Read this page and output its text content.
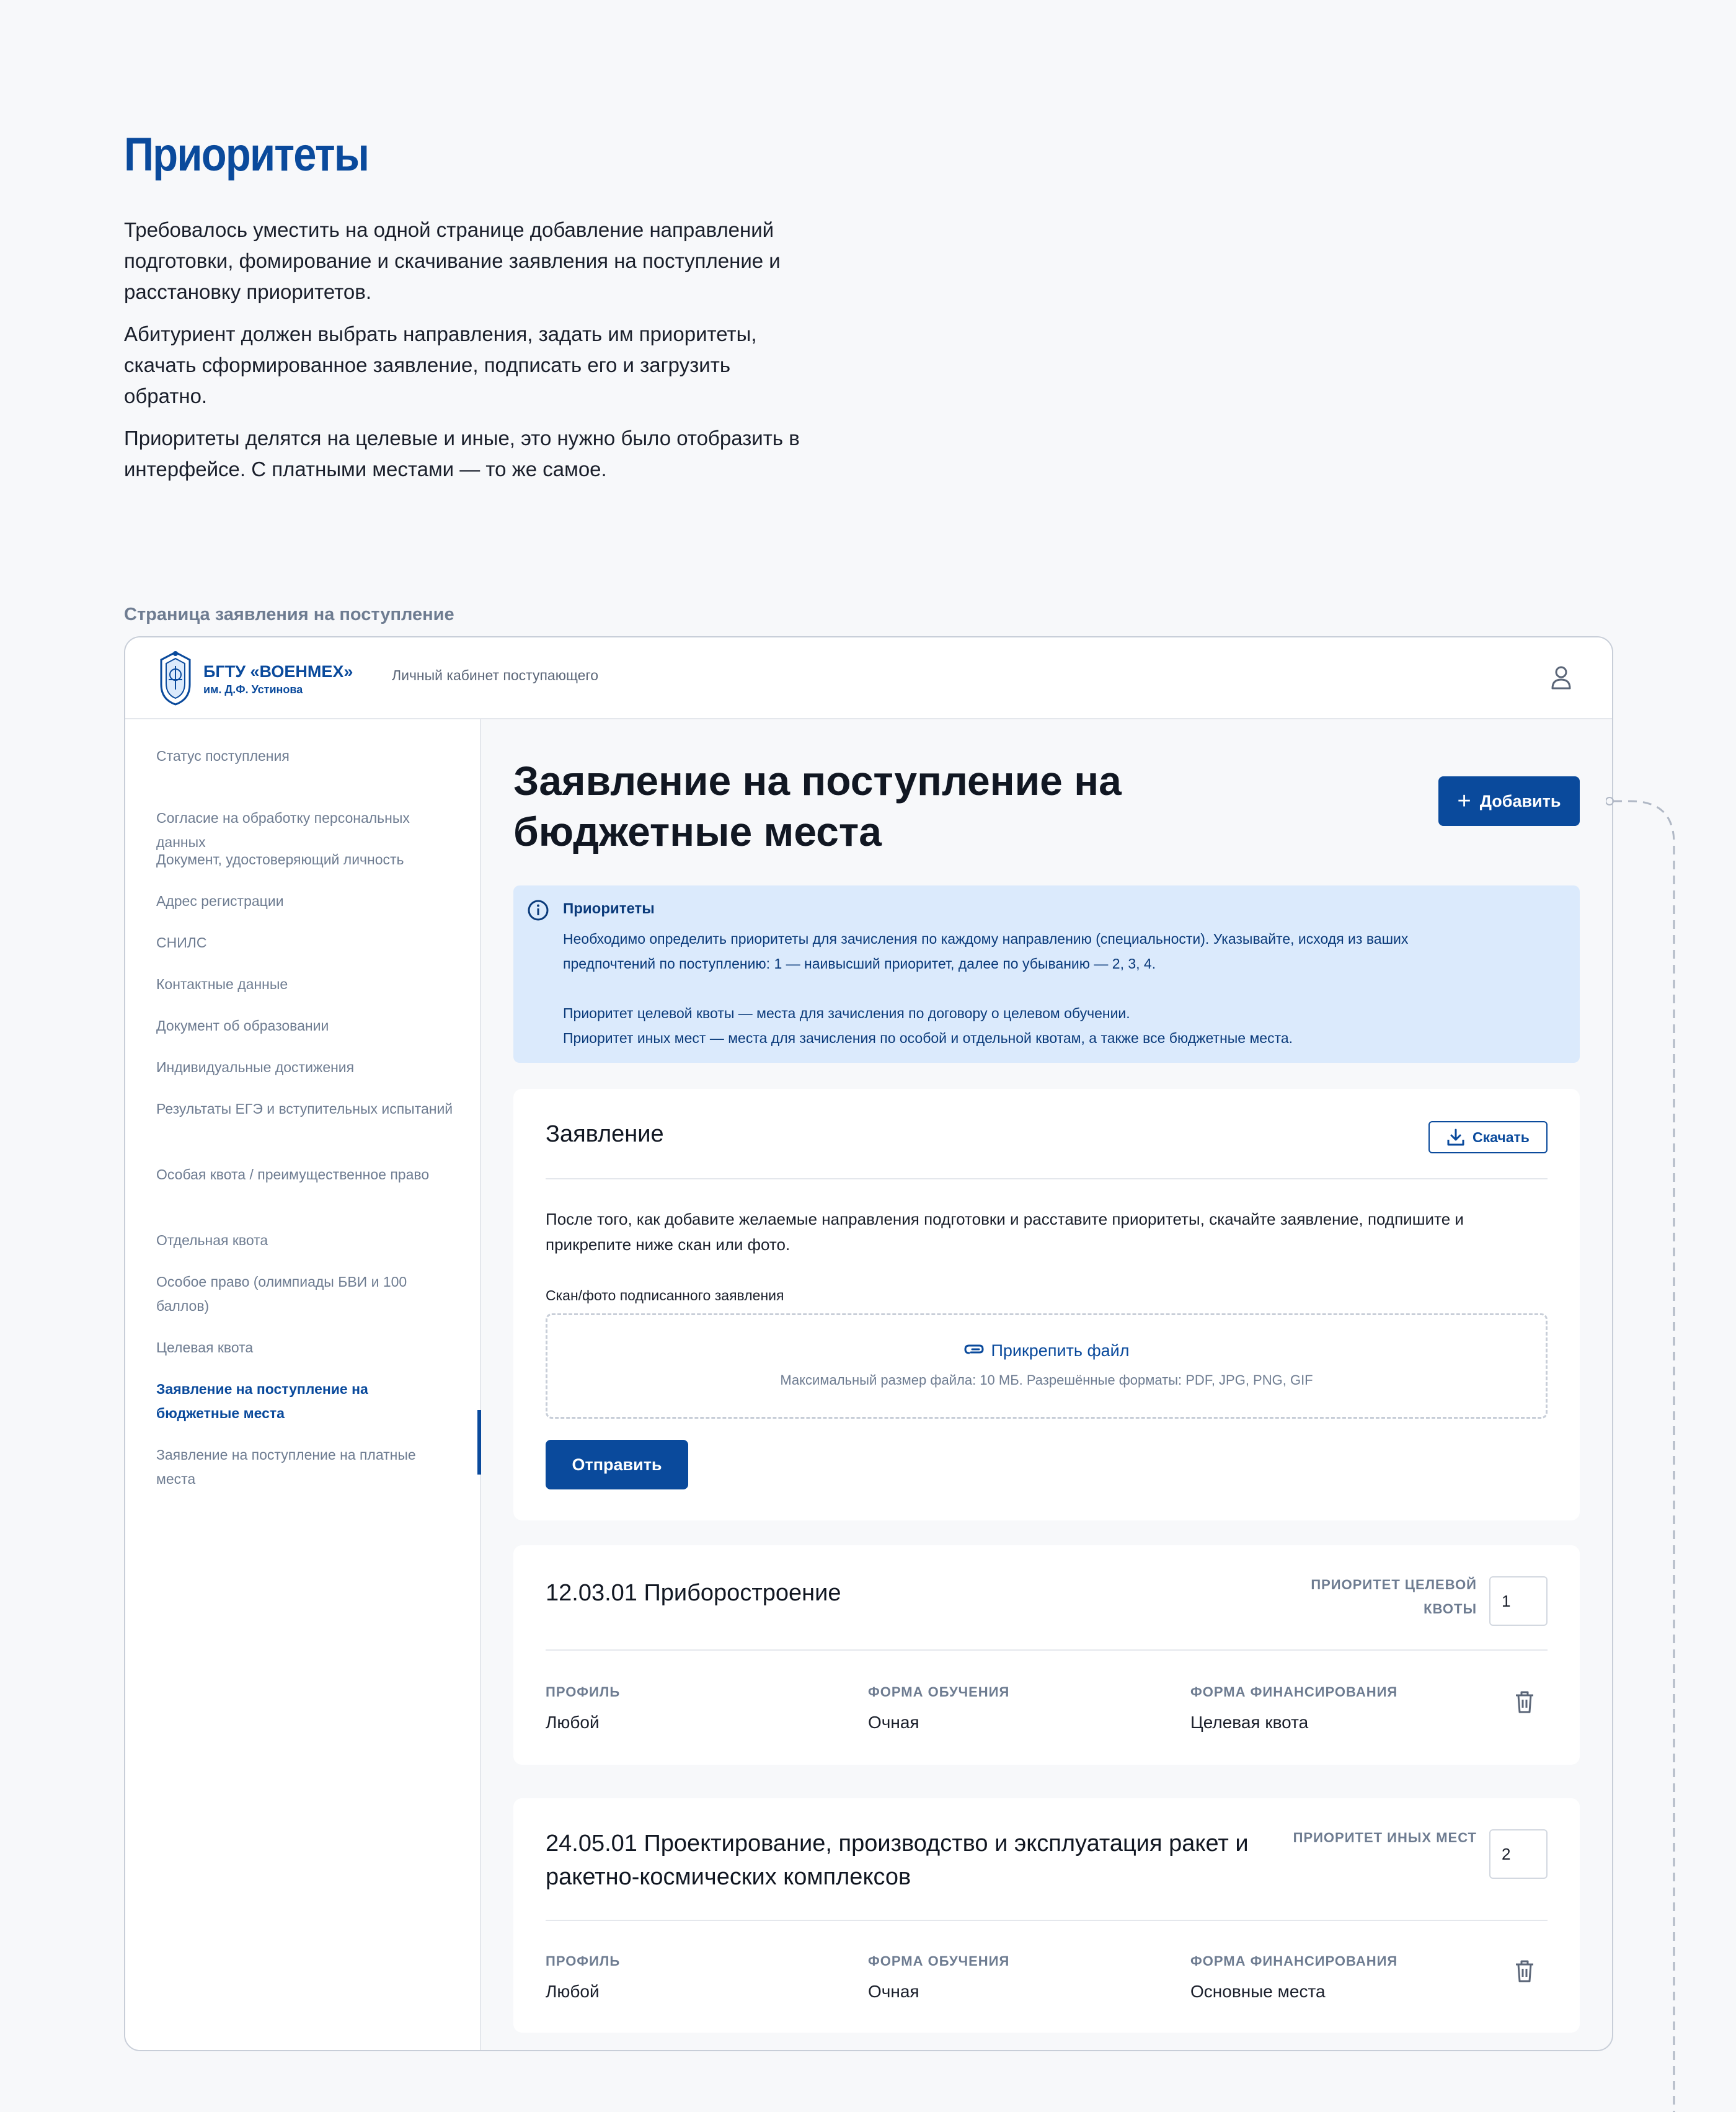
Приоритеты

Требовалось уместить на одной странице добавление направлений подготовки, фомирование и скачивание заявления на поступление и расстановку приоритетов.

Абитуриент должен выбрать направления, задать им приоритеты, скачать сформированное заявление, подписать его и загрузить обратно.

Приоритеты делятся на целевые и иные, это нужно было отобразить в интерфейсе. С платными местами — то же самое.

Страница заявления на поступление
БГТУ «ВОЕНМЕХ»
им. Д.Ф. Устинова
Личный кабинет поступающего
Статус поступления
Согласие на обработку персональных данных
Документ, удостоверяющий личность
Адрес регистрации
СНИЛС
Контактные данные
Документ об образовании
Индивидуальные достижения
Результаты ЕГЭ и вступительных испытаний
Особая квота / преимущественное право
Отдельная квота
Особое право (олимпиады БВИ и 100 баллов)
Целевая квота
Заявление на поступление на бюджетные места
Заявление на поступление на платные места
Заявление на поступление на бюджетные места
+ Добавить
Приоритеты
Необходимо определить приоритеты для зачисления по каждому направлению (специальности). Указывайте, исходя из ваших предпочтений по поступлению: 1 — наивысший приоритет, далее по убыванию — 2, 3, 4.
Приоритет целевой квоты — места для зачисления по договору о целевом обучении.
Приоритет иных мест — места для зачисления по особой и отдельной квотам, а также все бюджетные места.
Заявление	Скачать
После того, как добавите желаемые направления подготовки и расставите приоритеты, скачайте заявление, подпишите и прикрепите ниже скан или фото.
Скан/фото подписанного заявления
Прикрепить файл
Максимальный размер файла: 10 МБ. Разрешённые форматы: PDF, JPG, PNG, GIF
Отправить
12.03.01 Приборостроение	ПРИОРИТЕТ ЦЕЛЕВОЙ КВОТЫ
1
ПРОФИЛЬ
Любой
ФОРМА ОБУЧЕНИЯ
Очная
ФОРМА ФИНАНСИРОВАНИЯ
Целевая квота
24.05.01 Проектирование, производство и эксплуатация ракет и ракетно-космических комплексов
ПРИОРИТЕТ ИНЫХ МЕСТ
2
ПРОФИЛЬ
Любой
ФОРМА ОБУЧЕНИЯ
Очная
ФОРМА ФИНАНСИРОВАНИЯ
Основные места
